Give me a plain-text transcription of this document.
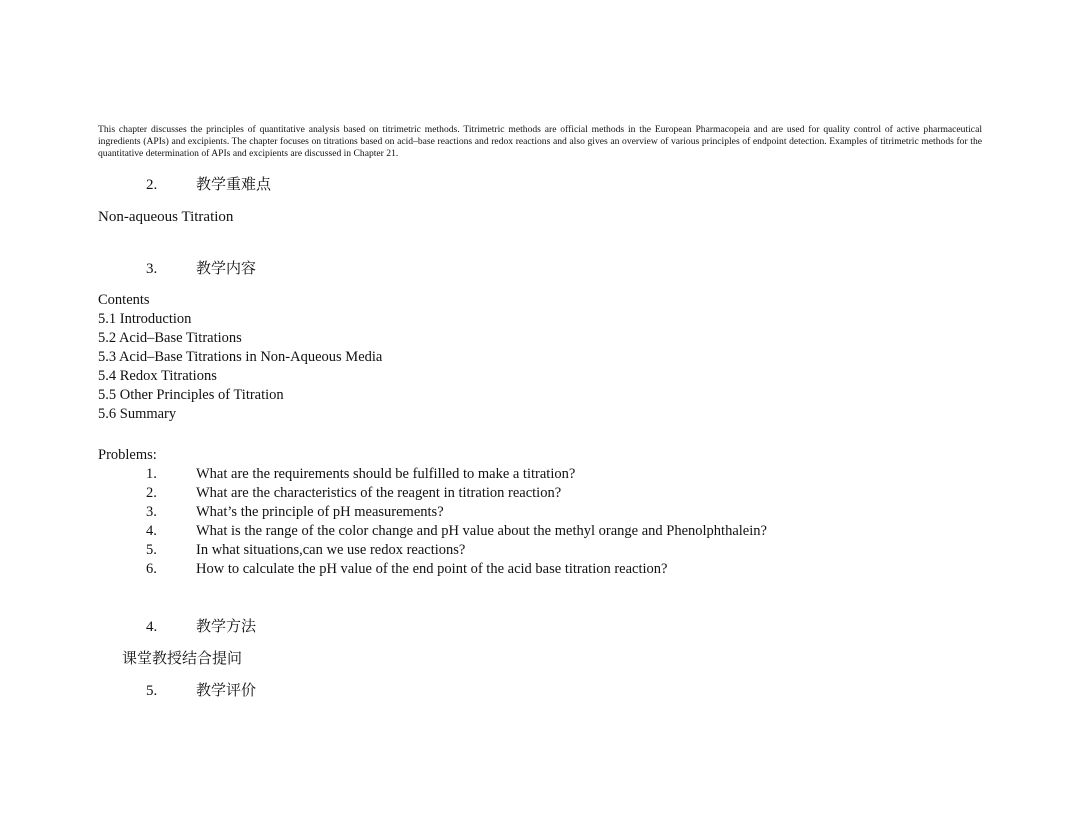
This chapter discusses the principles of quantitative analysis based on titrimetric methods. Titrimetric methods are official methods in the European Pharmacopeia and are used for quality control of active pharmaceutical ingredients (APIs) and excipients. The chapter focuses on titrations based on acid–base reactions and redox reactions and also gives an overview of various principles of endpoint detection. Examples of titrimetric methods for the quantitative determination of APIs and excipients are discussed in Chapter 21.

2.	教学重难点
Non-aqueous Titration
3.	教学内容
Contents
5.1 Introduction
5.2 Acid–Base Titrations
5.3 Acid–Base Titrations in Non-Aqueous Media
5.4 Redox Titrations
5.5 Other Principles of Titration
5.6 Summary
Problems:
1.	What are the requirements should be fulfilled to make a titration?
2.	What are the characteristics of the reagent in titration reaction?
3.	What’s the principle of pH measurements?
4.	What is the range of the color change and pH value about the methyl orange and Phenolphthalein?
5.	In what situations,can we use redox reactions?
6.	How to calculate the pH value of the end point of the acid base titration reaction?
4.	教学方法
课堂教授结合提问
5.	教学评价
